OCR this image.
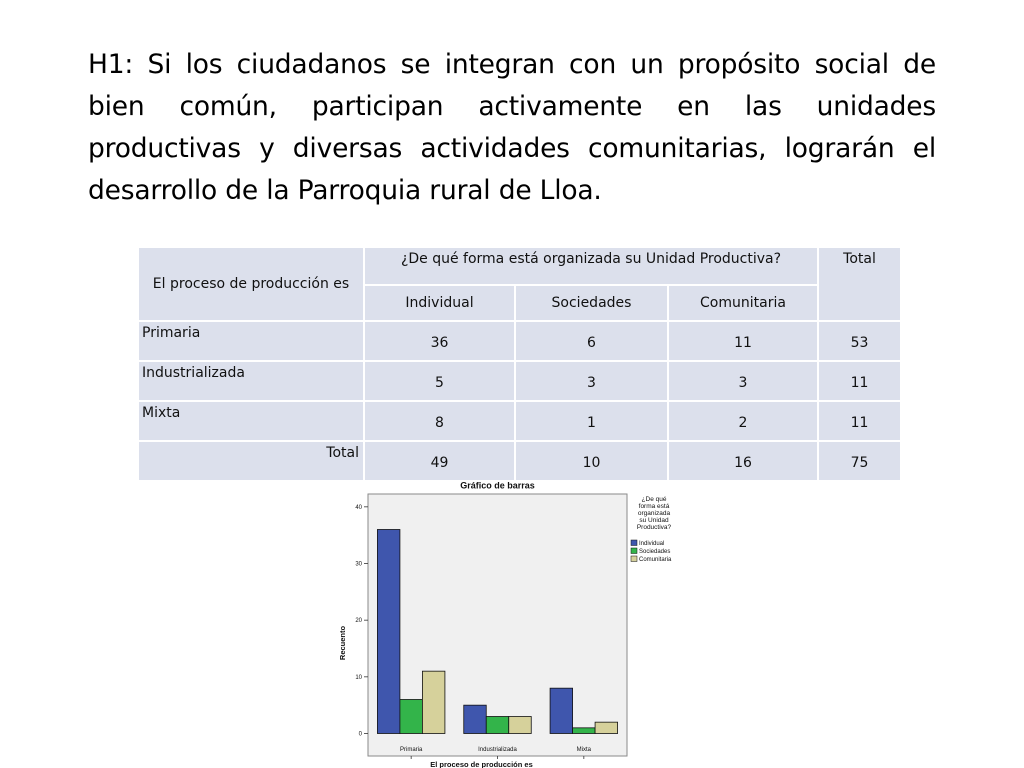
H1: Si los ciudadanos se integran con un propósito social de bien común, participan activamente en las unidades productivas y diversas actividades comunitarias, lograrán el desarrollo de la Parroquia rural de Lloa.

El proceso de producción es	¿De qué forma está organizada su Unidad Productiva?			Total
	Individual	Sociedades	Comunitaria	
Primaria	36	6	11	53
Industrializada	5	3	3	11
Mixta	8	1	2	11
Total	49	10	16	75
Gráfico de barras
0
10
20
30
40
Recuento
Primaria	Industrializada	Mixta
El proceso de producción es
¿De qué
forma está
organizada
su Unidad
Productiva?
Individual
Sociedades
Comunitaria
